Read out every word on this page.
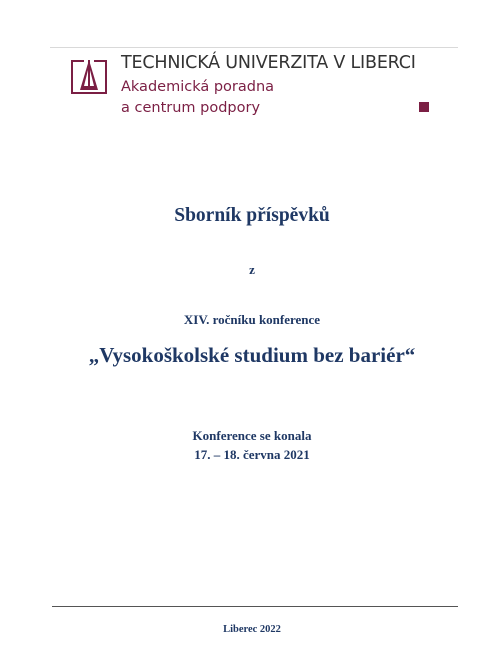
TECHNICKÁ UNIVERZITA V LIBERCI
Akademická poradna
a centrum podpory
Sborník příspěvků
z
XIV. ročníku konference
„Vysokoškolské studium bez bariér“
Konference se konala
17. – 18. června 2021
Liberec 2022
